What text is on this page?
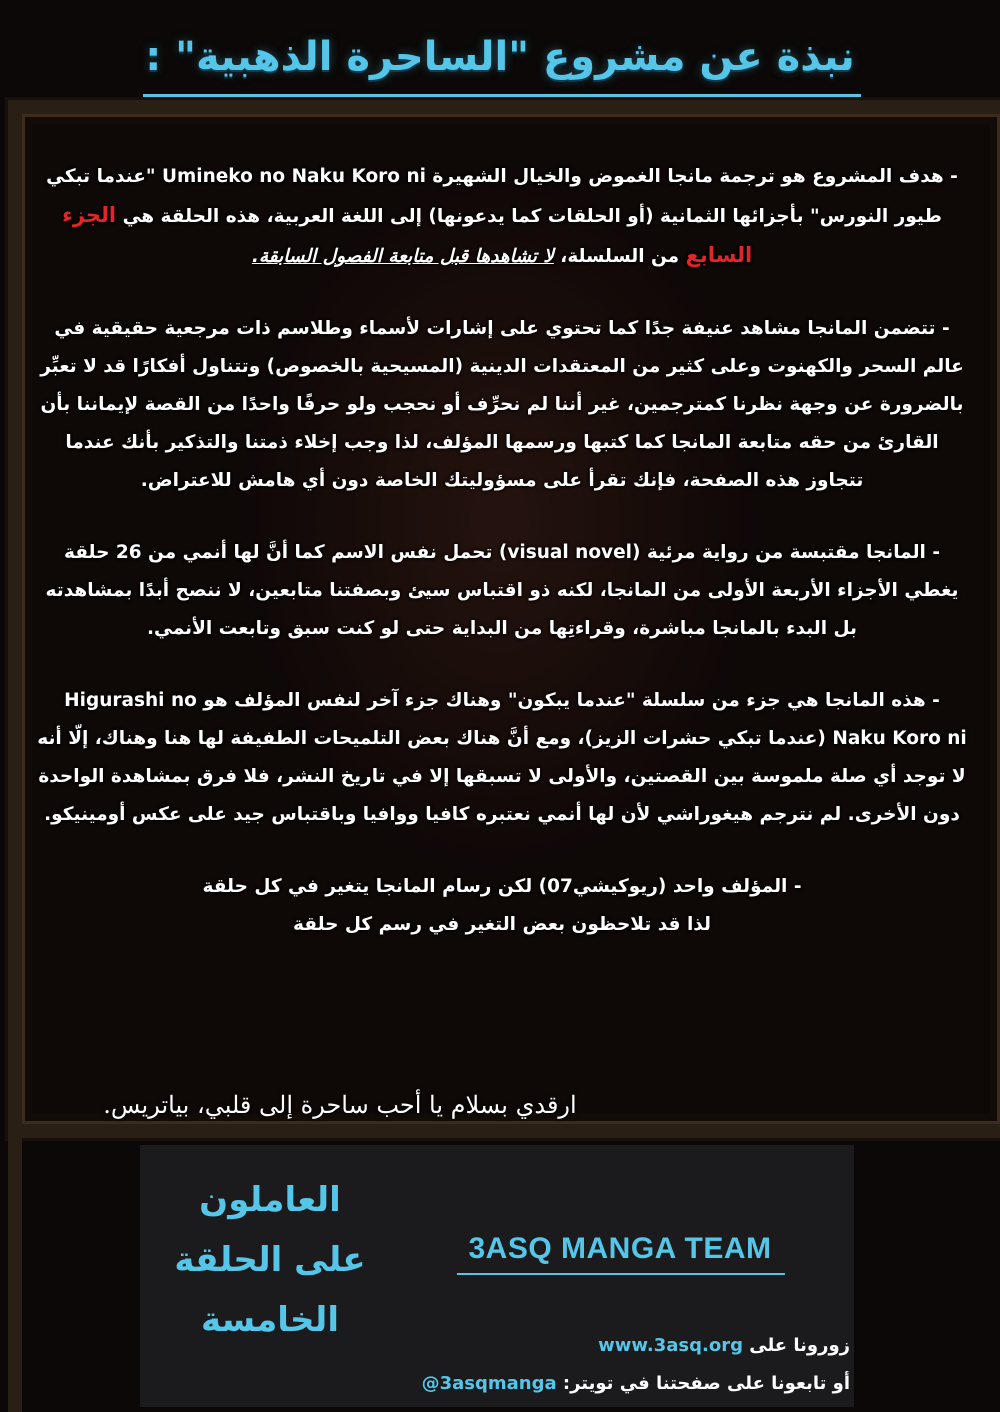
نبذة عن مشروع "الساحرة الذهبية" :

- هدف المشروع هو ترجمة مانجا الغموض والخيال الشهيرة Umineko no Naku Koro ni "عندما تبكي طيور النورس" بأجزائها الثمانية (أو الحلقات كما يدعونها) إلى اللغة العربية، هذه الحلقة هي الجزء السابع من السلسلة، لا تشاهدها قبل متابعة الفصول السابقة.

- تتضمن المانجا مشاهد عنيفة جدًا كما تحتوي على إشارات لأسماء وطلاسم ذات مرجعية حقيقية في عالم السحر والكهنوت وعلى كثير من المعتقدات الدينية (المسيحية بالخصوص) وتتناول أفكارًا قد لا تعبِّر بالضرورة عن وجهة نظرنا كمترجمين، غير أننا لم نحرِّف أو نحجب ولو حرفًا واحدًا من القصة لإيماننا بأن القارئ من حقه متابعة المانجا كما كتبها ورسمها المؤلف، لذا وجب إخلاء ذمتنا والتذكير بأنك عندما تتجاوز هذه الصفحة، فإنك تقرأ على مسؤوليتك الخاصة دون أي هامش للاعتراض.

- المانجا مقتبسة من رواية مرئية (visual novel) تحمل نفس الاسم كما أنَّ لها أنمي من 26 حلقة يغطي الأجزاء الأربعة الأولى من المانجا، لكنه ذو اقتباس سيئ وبصفتنا متابعين، لا ننصح أبدًا بمشاهدته بل البدء بالمانجا مباشرة، وقراءتِها من البداية حتى لو كنت سبق وتابعت الأنمي.

- هذه المانجا هي جزء من سلسلة "عندما يبكون" وهناك جزء آخر لنفس المؤلف هو Higurashi no Naku Koro ni (عندما تبكي حشرات الزيز)، ومع أنَّ هناك بعض التلميحات الطفيفة لها هنا وهناك، إلّا أنه لا توجد أي صلة ملموسة بين القصتين، والأولى لا تسبقها إلا في تاريخ النشر، فلا فرق بمشاهدة الواحدة دون الأخرى. لم نترجم هيغوراشي لأن لها أنمي نعتبره كافيا ووافيا وباقتباس جيد على عكس أومينيكو.

- المؤلف واحد (ريوكيشي07) لكن رسام المانجا يتغير في كل حلقة
لذا قد تلاحظون بعض التغير في رسم كل حلقة

ارقدي بسلام يا أحب ساحرة إلى قلبي، بياتريس.
العاملون
على الحلقة
الخامسة
3ASQ MANGA TEAM
زورونا على www.3asq.org
أو تابعونا على صفحتنا في تويتر: @3asqmanga
